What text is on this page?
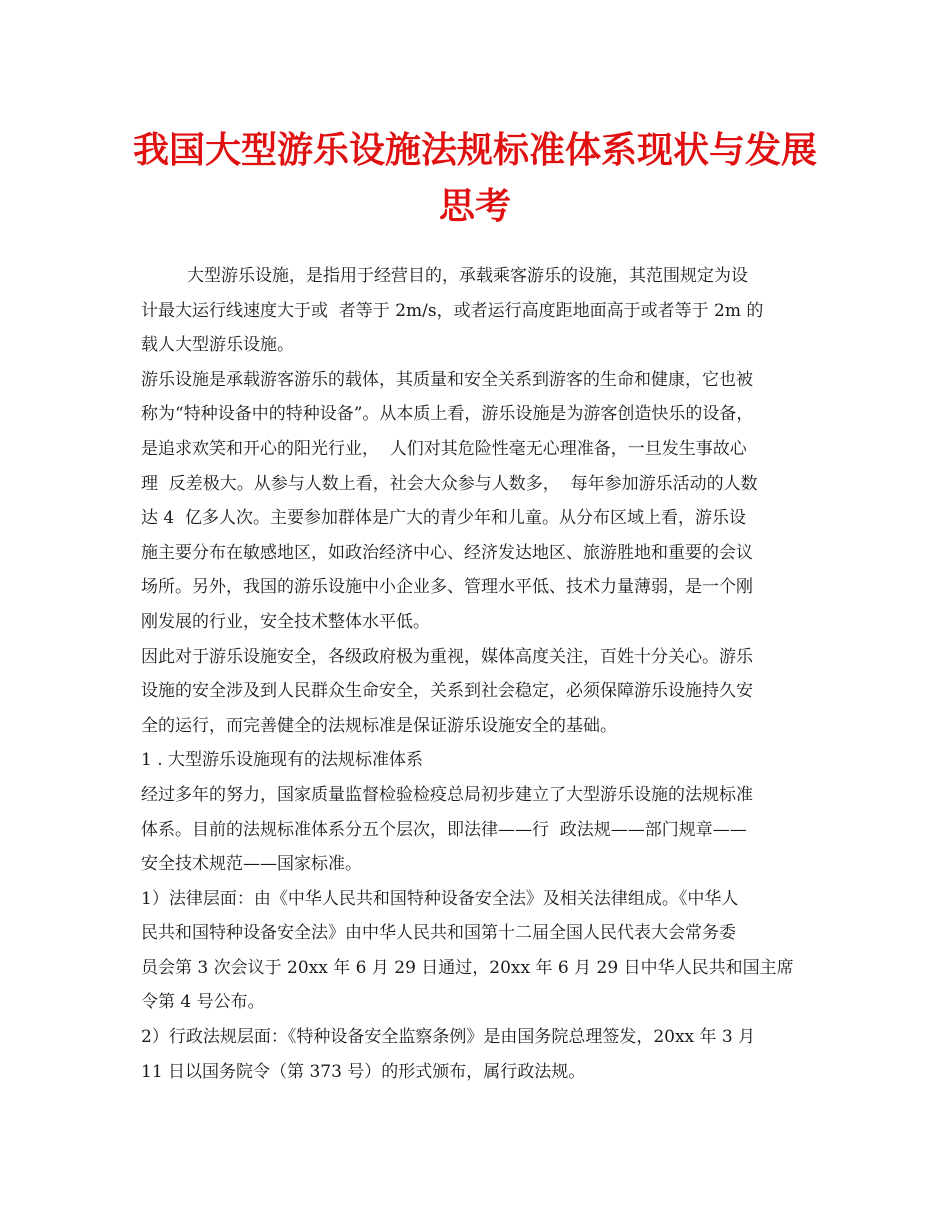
我国大型游乐设施法规标准体系现状与发展
思考
大型游乐设施，是指用于经营目的，承载乘客游乐的设施，其范围规定为设
计最大运行线速度大于或  者等于 2m/s，或者运行高度距地面高于或者等于 2m 的
载人大型游乐设施。
游乐设施是承载游客游乐的载体，其质量和安全关系到游客的生命和健康，它也被
称为“特种设备中的特种设备”。从本质上看，游乐设施是为游客创造快乐的设备，
是追求欢笑和开心的阳光行业，  人们对其危险性毫无心理准备，一旦发生事故心
理  反差极大。从参与人数上看，社会大众参与人数多，  每年参加游乐活动的人数
达 4  亿多人次。主要参加群体是广大的青少年和儿童。从分布区域上看，游乐设
施主要分布在敏感地区，如政治经济中心、经济发达地区、旅游胜地和重要的会议
场所。另外，我国的游乐设施中小企业多、管理水平低、技术力量薄弱，是一个刚
刚发展的行业，安全技术整体水平低。
因此对于游乐设施安全，各级政府极为重视，媒体高度关注，百姓十分关心。游乐
设施的安全涉及到人民群众生命安全，关系到社会稳定，必须保障游乐设施持久安
全的运行，而完善健全的法规标准是保证游乐设施安全的基础。
1 . 大型游乐设施现有的法规标准体系
经过多年的努力，国家质量监督检验检疫总局初步建立了大型游乐设施的法规标准
体系。目前的法规标准体系分五个层次，即法律——行  政法规——部门规章——
安全技术规范——国家标准。
1）法律层面：由《中华人民共和国特种设备安全法》及相关法律组成。《中华人
民共和国特种设备安全法》由中华人民共和国第十二届全国人民代表大会常务委
员会第 3 次会议于 20xx 年 6 月 29 日通过，20xx 年 6 月 29 日中华人民共和国主席
令第 4 号公布。
2）行政法规层面：《特种设备安全监察条例》是由国务院总理签发，20xx 年 3 月
11 日以国务院令（第 373 号）的形式颁布，属行政法规。
